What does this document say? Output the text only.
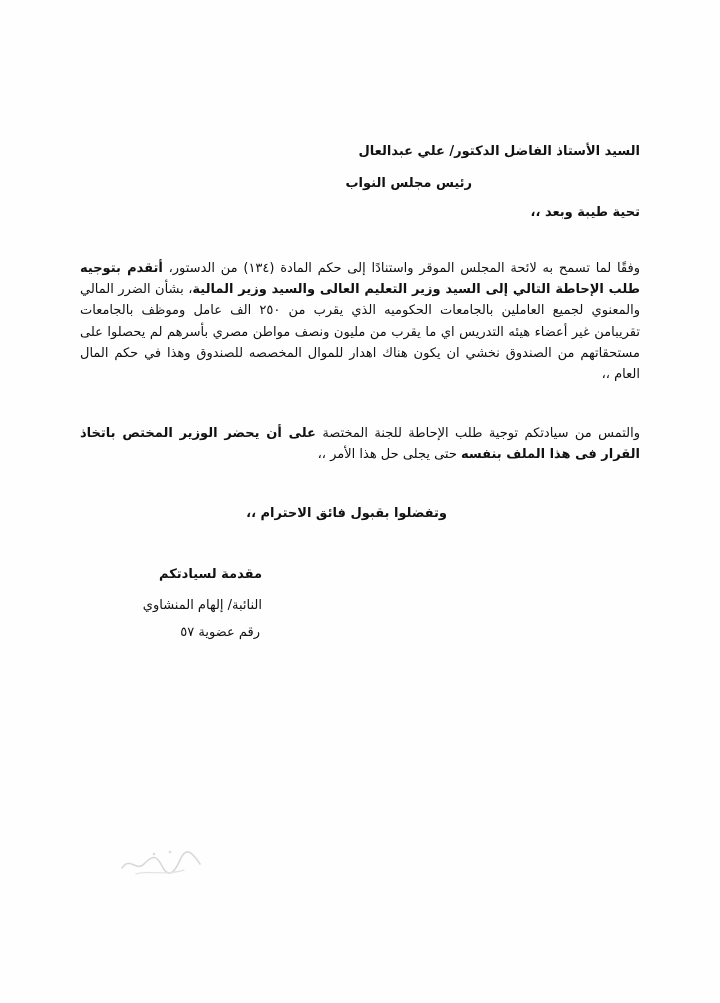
السيد الأستاذ الفاضل الدكتور/ علي عبدالعال
رئيس مجلس النواب
تحية طيبة وبعد ،،
وفقًا لما تسمح به لائحة المجلس الموقر واستنادًا إلى حكم المادة (١٣٤) من الدستور، أتقدم بتوجيه طلب الإحاطة التالي إلى السيد وزير التعليم العالى والسيد وزير المالية، بشأن الضرر المالي والمعنوي لجميع العاملين بالجامعات الحكوميه الذي يقرب من ٢٥٠ الف عامل وموظف بالجامعات تقريبامن غير أعضاء هيئه التدريس اي ما يقرب من مليون ونصف مواطن مصري بأسرهم لم يحصلوا على مستحقاتهم من الصندوق نخشي ان يكون هناك اهدار للموال المخصصه للصندوق وهذا في حكم المال العام ،،
والتمس من سيادتكم توجية طلب الإحاطة للجنة المختصة على أن يحضر الوزير المختص باتخاذ القرار فى هذا الملف بنفسه حتى يجلى حل هذا الأمر ،،
وتفضلوا بقبول فائق الاحترام ،،
مقدمة لسيادتكم
النائبة/ إلهام المنشاوي
رقم عضوية ٥٧
